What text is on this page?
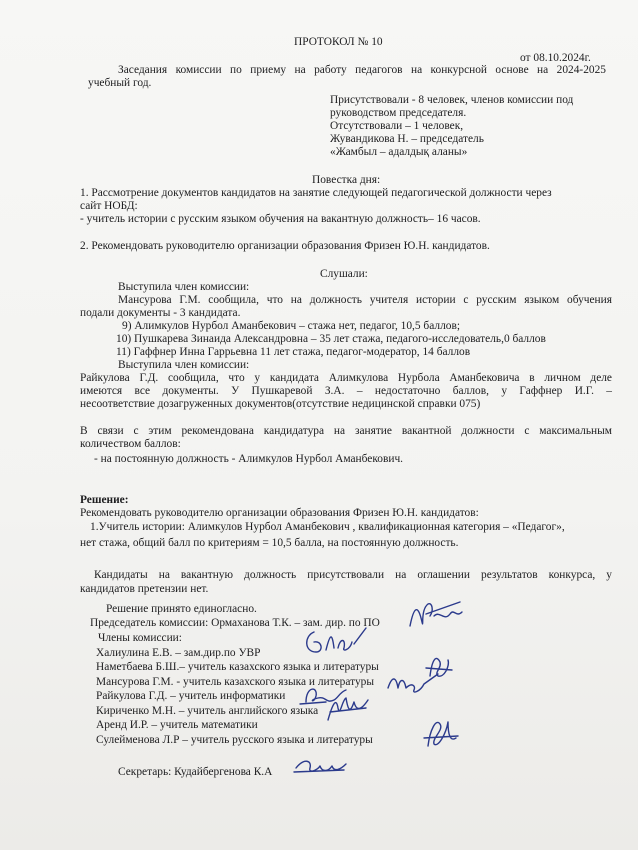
ПРОТОКОЛ № 10
от 08.10.2024г.
Заседания комиссии по приему на работу педагогов на конкурсной основе на 2024-2025
учебный год.
Присутствовали - 8 человек, членов комиссии под
руководством председателя.
Отсутствовали – 1 человек,
Жувандикова Н. – председатель
«Жамбыл – адалдық аланы»
Повестка дня:
1. Рассмотрение документов кандидатов на занятие следующей педагогической должности через
сайт НОБД:
- учитель истории с русским языком обучения на вакантную должность– 16 часов.
2. Рекомендовать руководителю организации образования Фризен Ю.Н. кандидатов.
Слушали:
Выступила член комиссии:
Мансурова Г.М. сообщила, что на должность учителя истории с русским языком обучения
подали документы - 3 кандидата.
9) Алимкулов Нурбол Аманбекович – стажа нет, педагог, 10,5 баллов;
10) Пушкарева Зинаида Александровна – 35 лет стажа, педагого-исследователь,0 баллов
11) Гаффнер Инна Гаррьевна 11 лет стажа, педагог-модератор, 14 баллов
Выступила член комиссии:
Райкулова Г.Д. сообщила, что у кандидата Алимкулова Нурбола Аманбековича в личном деле
имеются все документы. У Пушкаревой З.А. – недостаточно баллов, у Гаффнер И.Г. –
несоответствие дозагруженных документов(отсутствие недицинской справки 075)
В связи с этим рекомендована кандидатура на занятие вакантной должности с максимальным
количеством баллов:
- на постоянную должность - Алимкулов Нурбол Аманбекович.
Решение:
Рекомендовать руководителю организации образования Фризен Ю.Н. кандидатов:
1.Учитель истории: Алимкулов Нурбол Аманбекович , квалификационная категория – «Педагог»,
нет стажа, общий балл по критериям = 10,5 балла, на постоянную должность.
Кандидаты на вакантную должность присутствовали на оглашении результатов конкурса, у
кандидатов претензии нет.
Решение принято единогласно.
Председатель комиссии: Ормаханова Т.К. – зам. дир. по ПО
Члены комиссии:
Халиулина Е.В. – зам.дир.по УВР
Наметбаева Б.Ш.– учитель казахского языка и литературы
Мансурова Г.М. - учитель казахского языка и литературы
Райкулова Г.Д. – учитель информатики
Кириченко М.Н. – учитель английского языка
Аренд И.Р. – учитель математики
Сулейменова Л.Р – учитель русского языка и литературы
Секретарь: Кудайбергенова К.А
